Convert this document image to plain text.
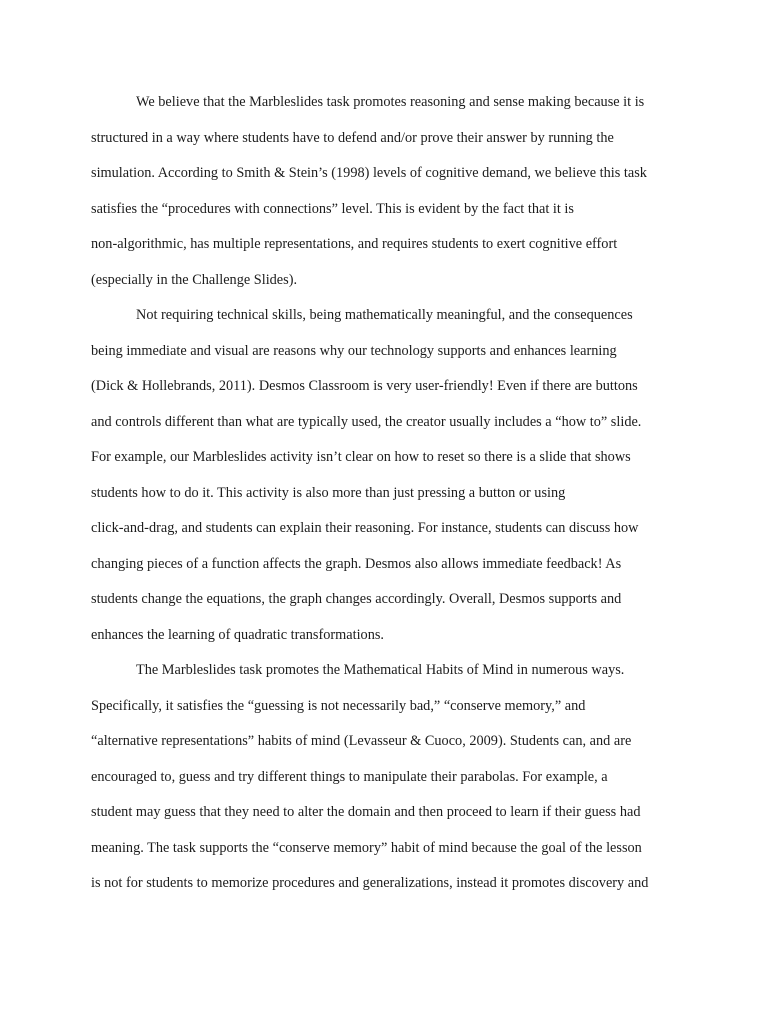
We believe that the Marbleslides task promotes reasoning and sense making because it is
structured in a way where students have to defend and/or prove their answer by running the
simulation. According to Smith & Stein’s (1998) levels of cognitive demand, we believe this task
satisfies the “procedures with connections” level. This is evident by the fact that it is
non-algorithmic, has multiple representations, and requires students to exert cognitive effort
(especially in the Challenge Slides).
Not requiring technical skills, being mathematically meaningful, and the consequences
being immediate and visual are reasons why our technology supports and enhances learning
(Dick & Hollebrands, 2011). Desmos Classroom is very user-friendly! Even if there are buttons
and controls different than what are typically used, the creator usually includes a “how to” slide.
For example, our Marbleslides activity isn’t clear on how to reset so there is a slide that shows
students how to do it. This activity is also more than just pressing a button or using
click-and-drag, and students can explain their reasoning. For instance, students can discuss how
changing pieces of a function affects the graph. Desmos also allows immediate feedback! As
students change the equations, the graph changes accordingly. Overall, Desmos supports and
enhances the learning of quadratic transformations.
The Marbleslides task promotes the Mathematical Habits of Mind in numerous ways.
Specifically, it satisfies the “guessing is not necessarily bad,” “conserve memory,” and
“alternative representations” habits of mind (Levasseur & Cuoco, 2009). Students can, and are
encouraged to, guess and try different things to manipulate their parabolas. For example, a
student may guess that they need to alter the domain and then proceed to learn if their guess had
meaning. The task supports the “conserve memory” habit of mind because the goal of the lesson
is not for students to memorize procedures and generalizations, instead it promotes discovery and
